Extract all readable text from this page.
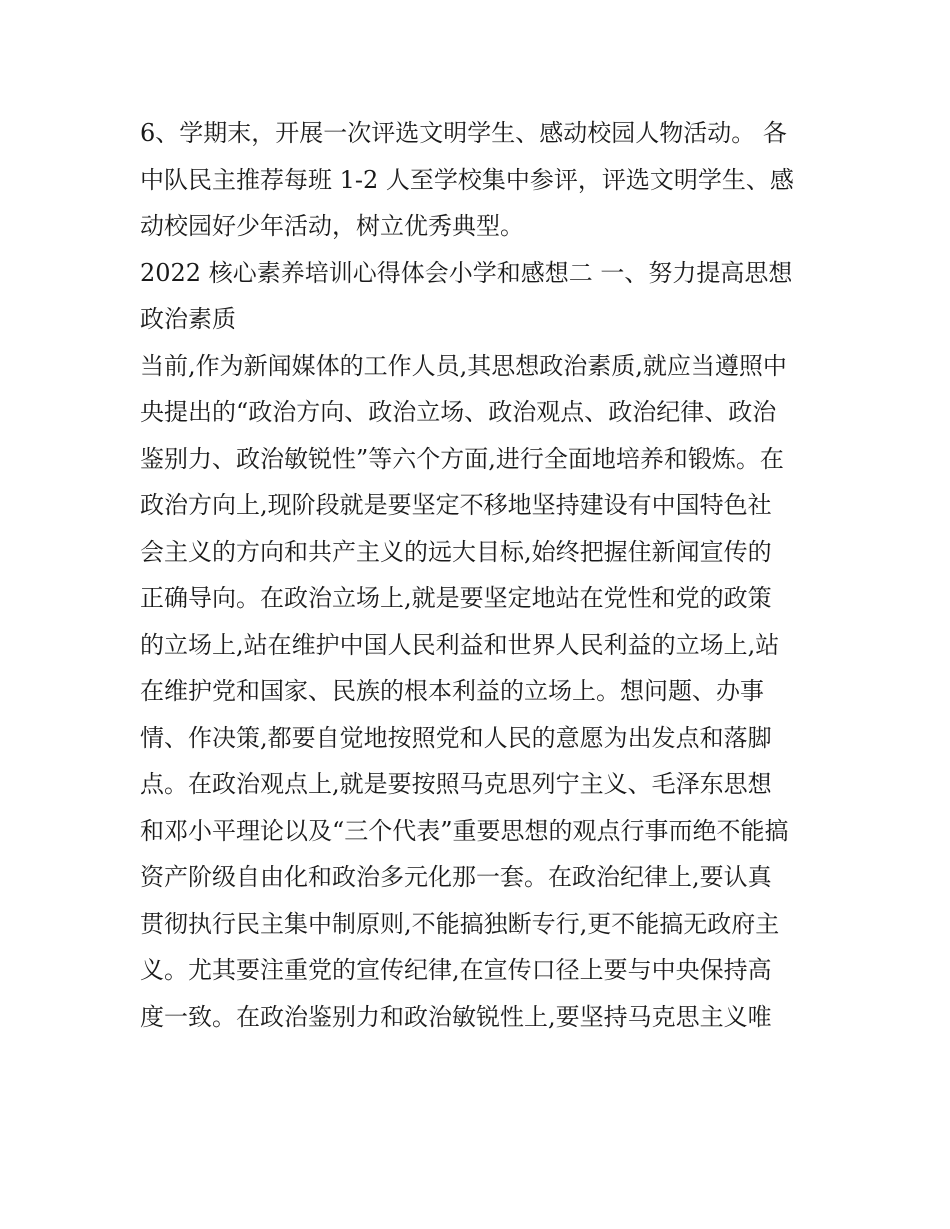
6、学期末，开展一次评选文明学生、感动校园人物活动。 各
中队民主推荐每班 1-2 人至学校集中参评，评选文明学生、感
动校园好少年活动，树立优秀典型。
2022 核心素养培训心得体会小学和感想二 一、努力提高思想
政治素质
当前,作为新闻媒体的工作人员,其思想政治素质,就应当遵照中
央提出的“政治方向、政治立场、政治观点、政治纪律、政治
鉴别力、政治敏锐性”等六个方面,进行全面地培养和锻炼。在
政治方向上,现阶段就是要坚定不移地坚持建设有中国特色社
会主义的方向和共产主义的远大目标,始终把握住新闻宣传的
正确导向。在政治立场上,就是要坚定地站在党性和党的政策
的立场上,站在维护中国人民利益和世界人民利益的立场上,站
在维护党和国家、民族的根本利益的立场上。想问题、办事
情、作决策,都要自觉地按照党和人民的意愿为出发点和落脚
点。在政治观点上,就是要按照马克思列宁主义、毛泽东思想
和邓小平理论以及“三个代表”重要思想的观点行事而绝不能搞
资产阶级自由化和政治多元化那一套。在政治纪律上,要认真
贯彻执行民主集中制原则,不能搞独断专行,更不能搞无政府主
义。尤其要注重党的宣传纪律,在宣传口径上要与中央保持高
度一致。在政治鉴别力和政治敏锐性上,要坚持马克思主义唯
